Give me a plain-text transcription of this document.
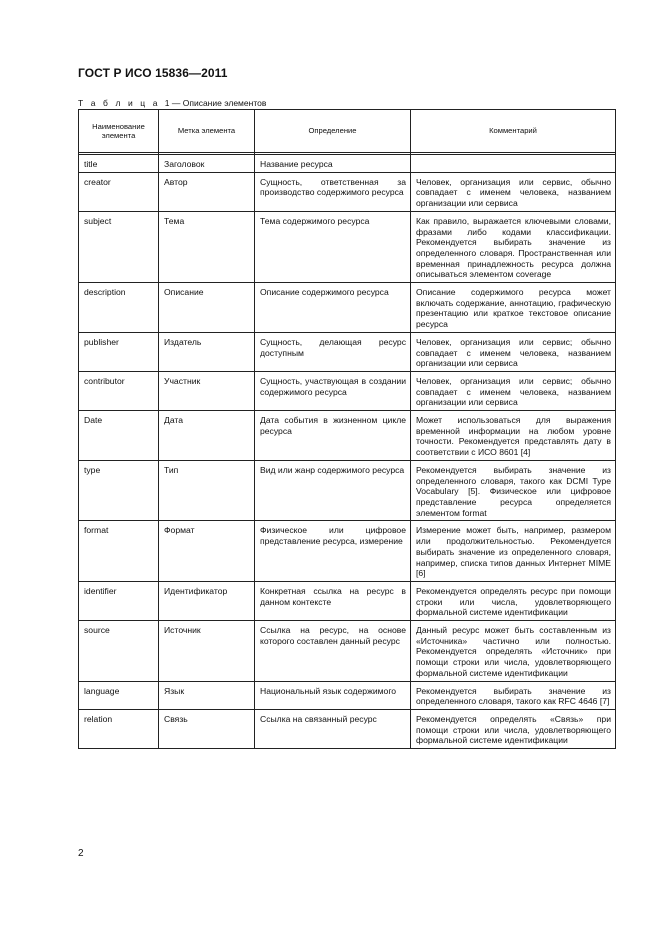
ГОСТ Р ИСО 15836—2011
Т а б л и ц а 1 — Описание элементов
Наименование элемента	Метка элемента	Определение	Комментарий

title	Заголовок	Название ресурса	
creator	Автор	Сущность, ответственная за производство содержимого ресурса	Человек, организация или сервис, обычно совпадает с именем человека, названием организации или сервиса
subject	Тема	Тема содержимого ресурса	Как правило, выражается ключевыми словами, фразами либо кодами классификации. Рекомендуется выбирать значение из определенного словаря. Пространственная или временная принадлежность ресурса должна описываться элементом coverage
description	Описание	Описание содержимого ресурса	Описание содержимого ресурса может включать содержание, аннотацию, графическую презентацию или краткое текстовое описание ресурса
publisher	Издатель	Сущность, делающая ресурс доступным	Человек, организация или сервис; обычно совпадает с именем человека, названием организации или сервиса
contributor	Участник	Сущность, участвующая в создании содержимого ресурса	Человек, организация или сервис; обычно совпадает с именем человека, названием организации или сервиса
Date	Дата	Дата события в жизненном цикле ресурса	Может использоваться для выражения временной информации на любом уровне точности. Рекомендуется представлять дату в соответствии с ИСО 8601 [4]
type	Тип	Вид или жанр содержимого ресурса	Рекомендуется выбирать значение из определенного словаря, такого как DCMI Type Vocabulary [5]. Физическое или цифровое представление ресурса определяется элементом format
format	Формат	Физическое или цифровое представление ресурса, измерение	Измерение может быть, например, размером или продолжительностью. Рекомендуется выбирать значение из определенного словаря, например, списка типов данных Интернет MIME [6]
identifier	Идентификатор	Конкретная ссылка на ресурс в данном контексте	Рекомендуется определять ресурс при помощи строки или числа, удовлетворяющего формальной системе идентификации
source	Источник	Ссылка на ресурс, на основе которого составлен данный ресурс	Данный ресурс может быть составленным из «Источника» частично или полностью. Рекомендуется определять «Источник» при помощи строки или числа, удовлетворяющего формальной системе идентификации
language	Язык	Национальный язык содержимого	Рекомендуется выбирать значение из определенного словаря, такого как RFC 4646 [7]
relation	Связь	Ссылка на связанный ресурс	Рекомендуется определять «Связь» при помощи строки или числа, удовлетворяющего формальной системе идентификации
2
